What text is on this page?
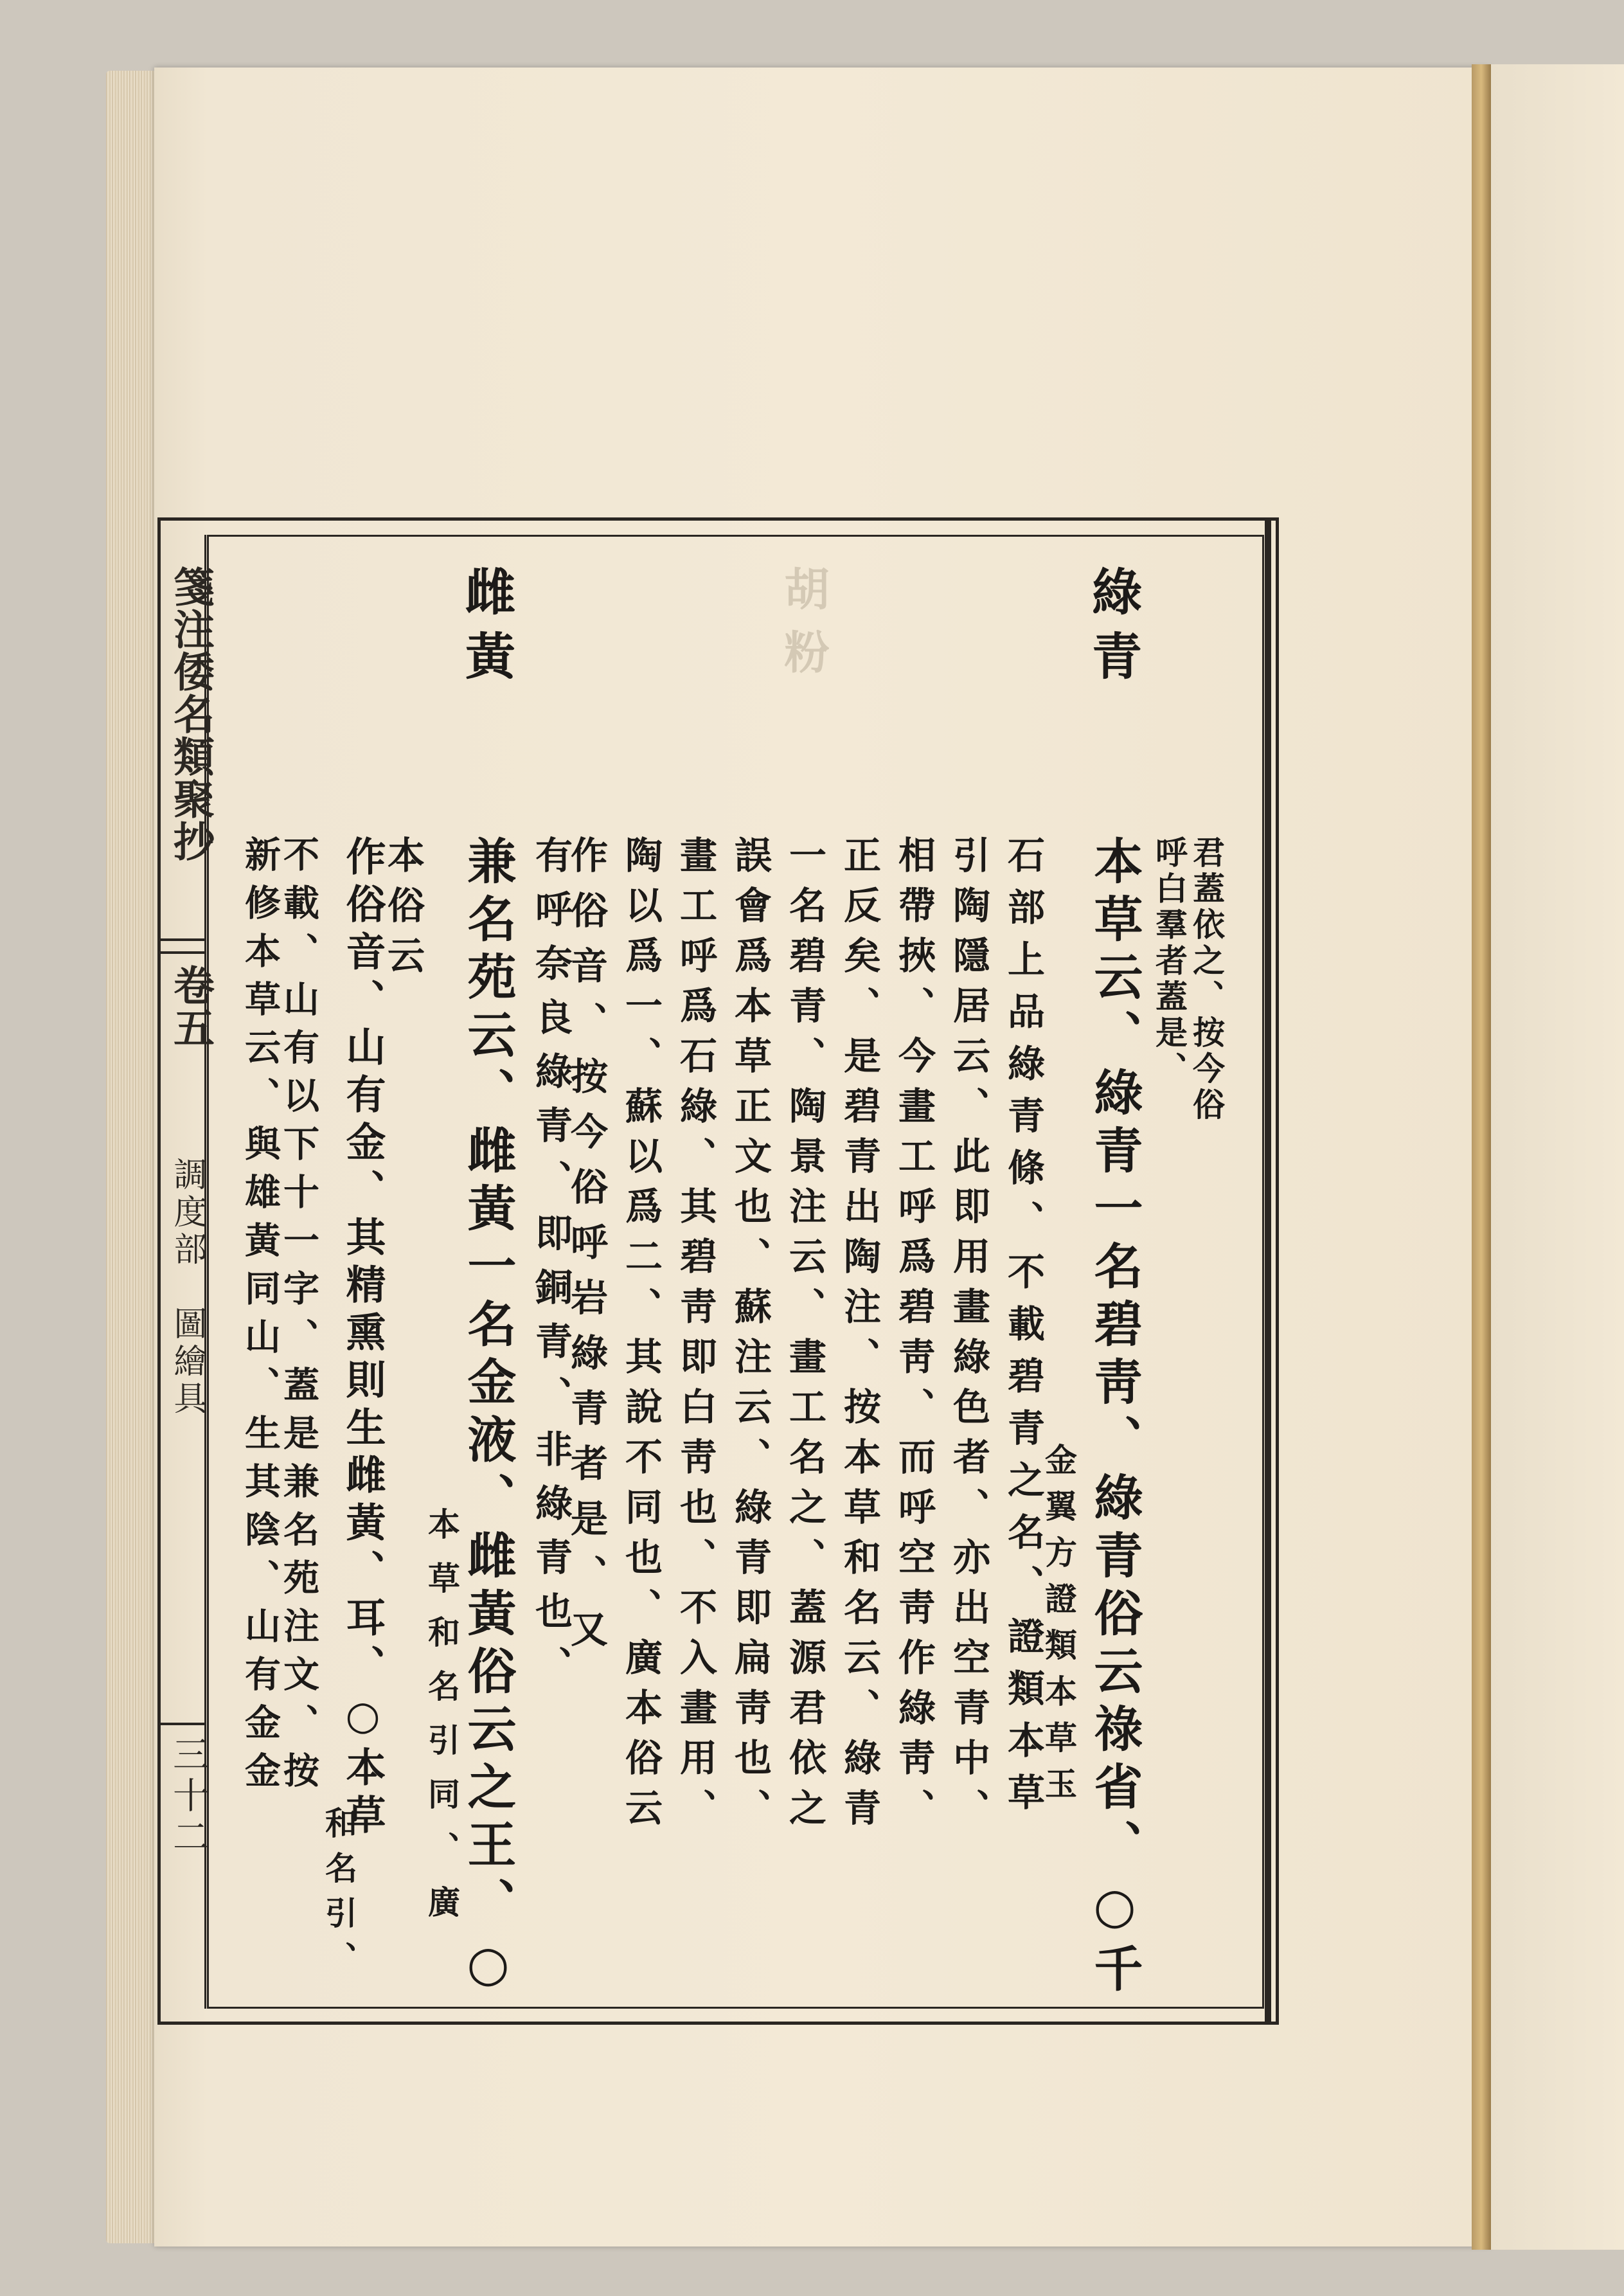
箋注倭名類聚抄
卷五
調度部　圖繪具
三十二
綠青
胡粉
雌黃
君蓋依之、按今俗
呼白羣者蓋是、
本草云、綠青一名碧靑、綠青俗云祿省、○千
金翼方證類本草玉
石部上品綠青條、不載碧青之名、證類本草
引陶隱居云、此即用畫綠色者、亦出空青中、
相帶挾、今畫工呼爲碧靑、而呼空靑作綠靑、
正反矣、是碧青出陶注、按本草和名云、綠青
一名碧青、陶景注云、畫工名之、蓋源君依之
誤會爲本草正文也、蘇注云、綠青即扁靑也、
畫工呼爲石綠、其碧靑即白靑也、不入畫用、
陶以爲一、蘇以爲二、其說不同也、廣本俗云
作俗音、按今俗呼岩綠青者是、又
有呼奈良綠青、即銅青、非綠青也、
兼名苑云、雌黃一名金液、雌黃俗云之王、○
本草和名引同、廣
本俗云
作俗音、山有金、其精熏則生雌黃、耳、○本草
和名引、
新修本草云、與雄黃同山、生其陰、山有金金
不載、山有以下十一字、蓋是兼名苑注文、按
